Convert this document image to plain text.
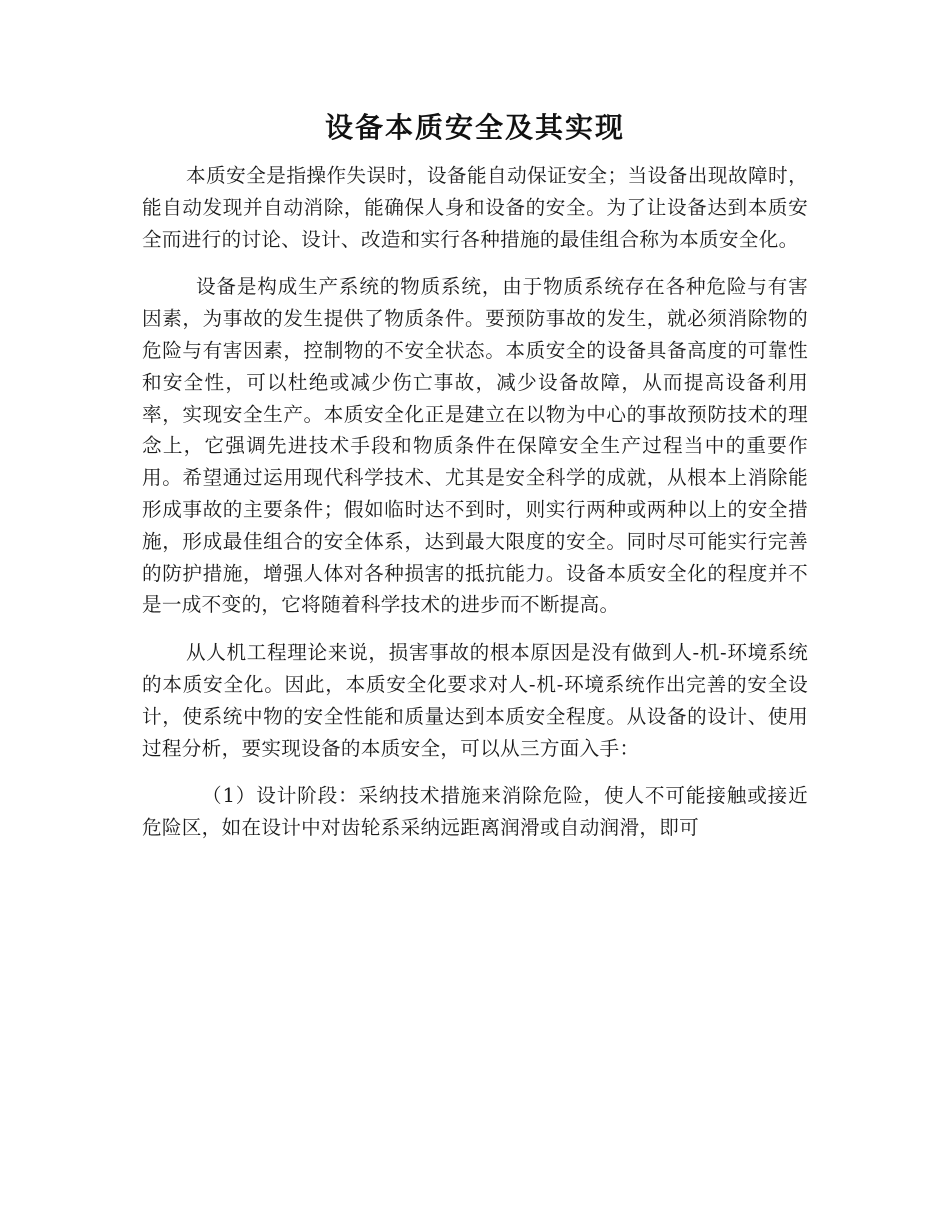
设备本质安全及其实现

本质安全是指操作失误时，设备能自动保证安全；当设备出现故障时，能自动发现并自动消除，能确保人身和设备的安全。为了让设备达到本质安全而进行的讨论、设计、改造和实行各种措施的最佳组合称为本质安全化。

设备是构成生产系统的物质系统，由于物质系统存在各种危险与有害因素，为事故的发生提供了物质条件。要预防事故的发生，就必须消除物的危险与有害因素，控制物的不安全状态。本质安全的设备具备高度的可靠性和安全性，可以杜绝或减少伤亡事故，减少设备故障，从而提高设备利用率，实现安全生产。本质安全化正是建立在以物为中心的事故预防技术的理念上，它强调先进技术手段和物质条件在保障安全生产过程当中的重要作用。希望通过运用现代科学技术、尤其是安全科学的成就，从根本上消除能形成事故的主要条件；假如临时达不到时，则实行两种或两种以上的安全措施，形成最佳组合的安全体系，达到最大限度的安全。同时尽可能实行完善的防护措施，增强人体对各种损害的抵抗能力。设备本质安全化的程度并不是一成不变的，它将随着科学技术的进步而不断提高。

从人机工程理论来说，损害事故的根本原因是没有做到人-机-环境系统的本质安全化。因此，本质安全化要求对人-机-环境系统作出完善的安全设计，使系统中物的安全性能和质量达到本质安全程度。从设备的设计、使用过程分析，要实现设备的本质安全，可以从三方面入手：

（1）设计阶段：采纳技术措施来消除危险，使人不可能接触或接近危险区，如在设计中对齿轮系采纳远距离润滑或自动润滑，即可
